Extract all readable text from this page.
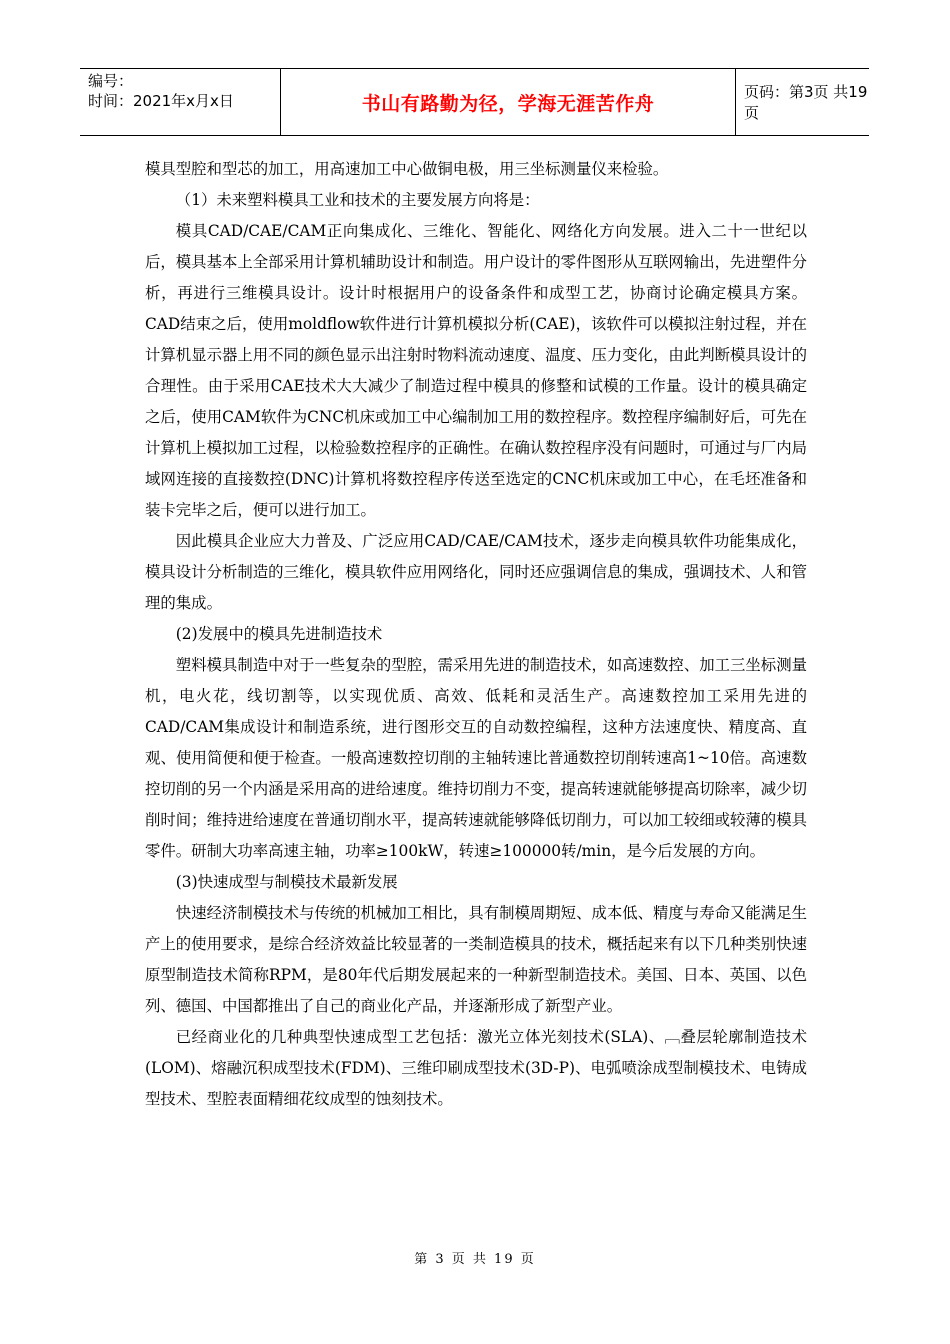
编号：
时间：2021年x月x日	书山有路勤为径，学海无涯苦作舟
页码：第3页 共19页

模具型腔和型芯的加工，用高速加工中心做铜电极，用三坐标测量仪来检验。

（1）未来塑料模具工业和技术的主要发展方向将是：

模具CAD/CAE/CAM正向集成化、三维化、智能化、网络化方向发展。进入二十一世纪以后，模具基本上全部采用计算机辅助设计和制造。用户设计的零件图形从互联网输出，先进塑件分析，再进行三维模具设计。设计时根据用户的设备条件和成型工艺，协商讨论确定模具方案。CAD结束之后，使用moldflow软件进行计算机模拟分析(CAE)，该软件可以模拟注射过程，并在计算机显示器上用不同的颜色显示出注射时物料流动速度、温度、压力变化，由此判断模具设计的合理性。由于采用CAE技术大大减少了制造过程中模具的修整和试模的工作量。设计的模具确定之后，使用CAM软件为CNC机床或加工中心编制加工用的数控程序。数控程序编制好后，可先在计算机上模拟加工过程，以检验数控程序的正确性。在确认数控程序没有问题时，可通过与厂内局域网连接的直接数控(DNC)计算机将数控程序传送至选定的CNC机床或加工中心，在毛坯准备和装卡完毕之后，便可以进行加工。

因此模具企业应大力普及、广泛应用CAD/CAE/CAM技术，逐步走向模具软件功能集成化，模具设计分析制造的三维化，模具软件应用网络化，同时还应强调信息的集成，强调技术、人和管理的集成。

(2)发展中的模具先进制造技术

塑料模具制造中对于一些复杂的型腔，需采用先进的制造技术，如高速数控、加工三坐标测量机，电火花，线切割等，以实现优质、高效、低耗和灵活生产。高速数控加工采用先进的CAD/CAM集成设计和制造系统，进行图形交互的自动数控编程，这种方法速度快、精度高、直观、使用简便和便于检查。一般高速数控切削的主轴转速比普通数控切削转速高1~10倍。高速数控切削的另一个内涵是采用高的进给速度。维持切削力不变，提高转速就能够提高切除率，减少切削时间；维持进给速度在普通切削水平，提高转速就能够降低切削力，可以加工较细或较薄的模具零件。研制大功率高速主轴，功率≥100kW，转速≥100000转/min，是今后发展的方向。

(3)快速成型与制模技术最新发展

快速经济制模技术与传统的机械加工相比，具有制模周期短、成本低、精度与寿命又能满足生产上的使用要求，是综合经济效益比较显著的一类制造模具的技术，概括起来有以下几种类别快速原型制造技术简称RPM，是80年代后期发展起来的一种新型制造技术。美国、日本、英国、以色列、德国、中国都推出了自己的商业化产品，并逐渐形成了新型产业。

已经商业化的几种典型快速成型工艺包括：激光立体光刻技术(SLA)、﹇叠层轮廓制造技术(LOM)、熔融沉积成型技术(FDM)、三维印刷成型技术(3D-P)、电弧喷涂成型制模技术、电铸成型技术、型腔表面精细花纹成型的蚀刻技术。

第 3 页 共 19 页
